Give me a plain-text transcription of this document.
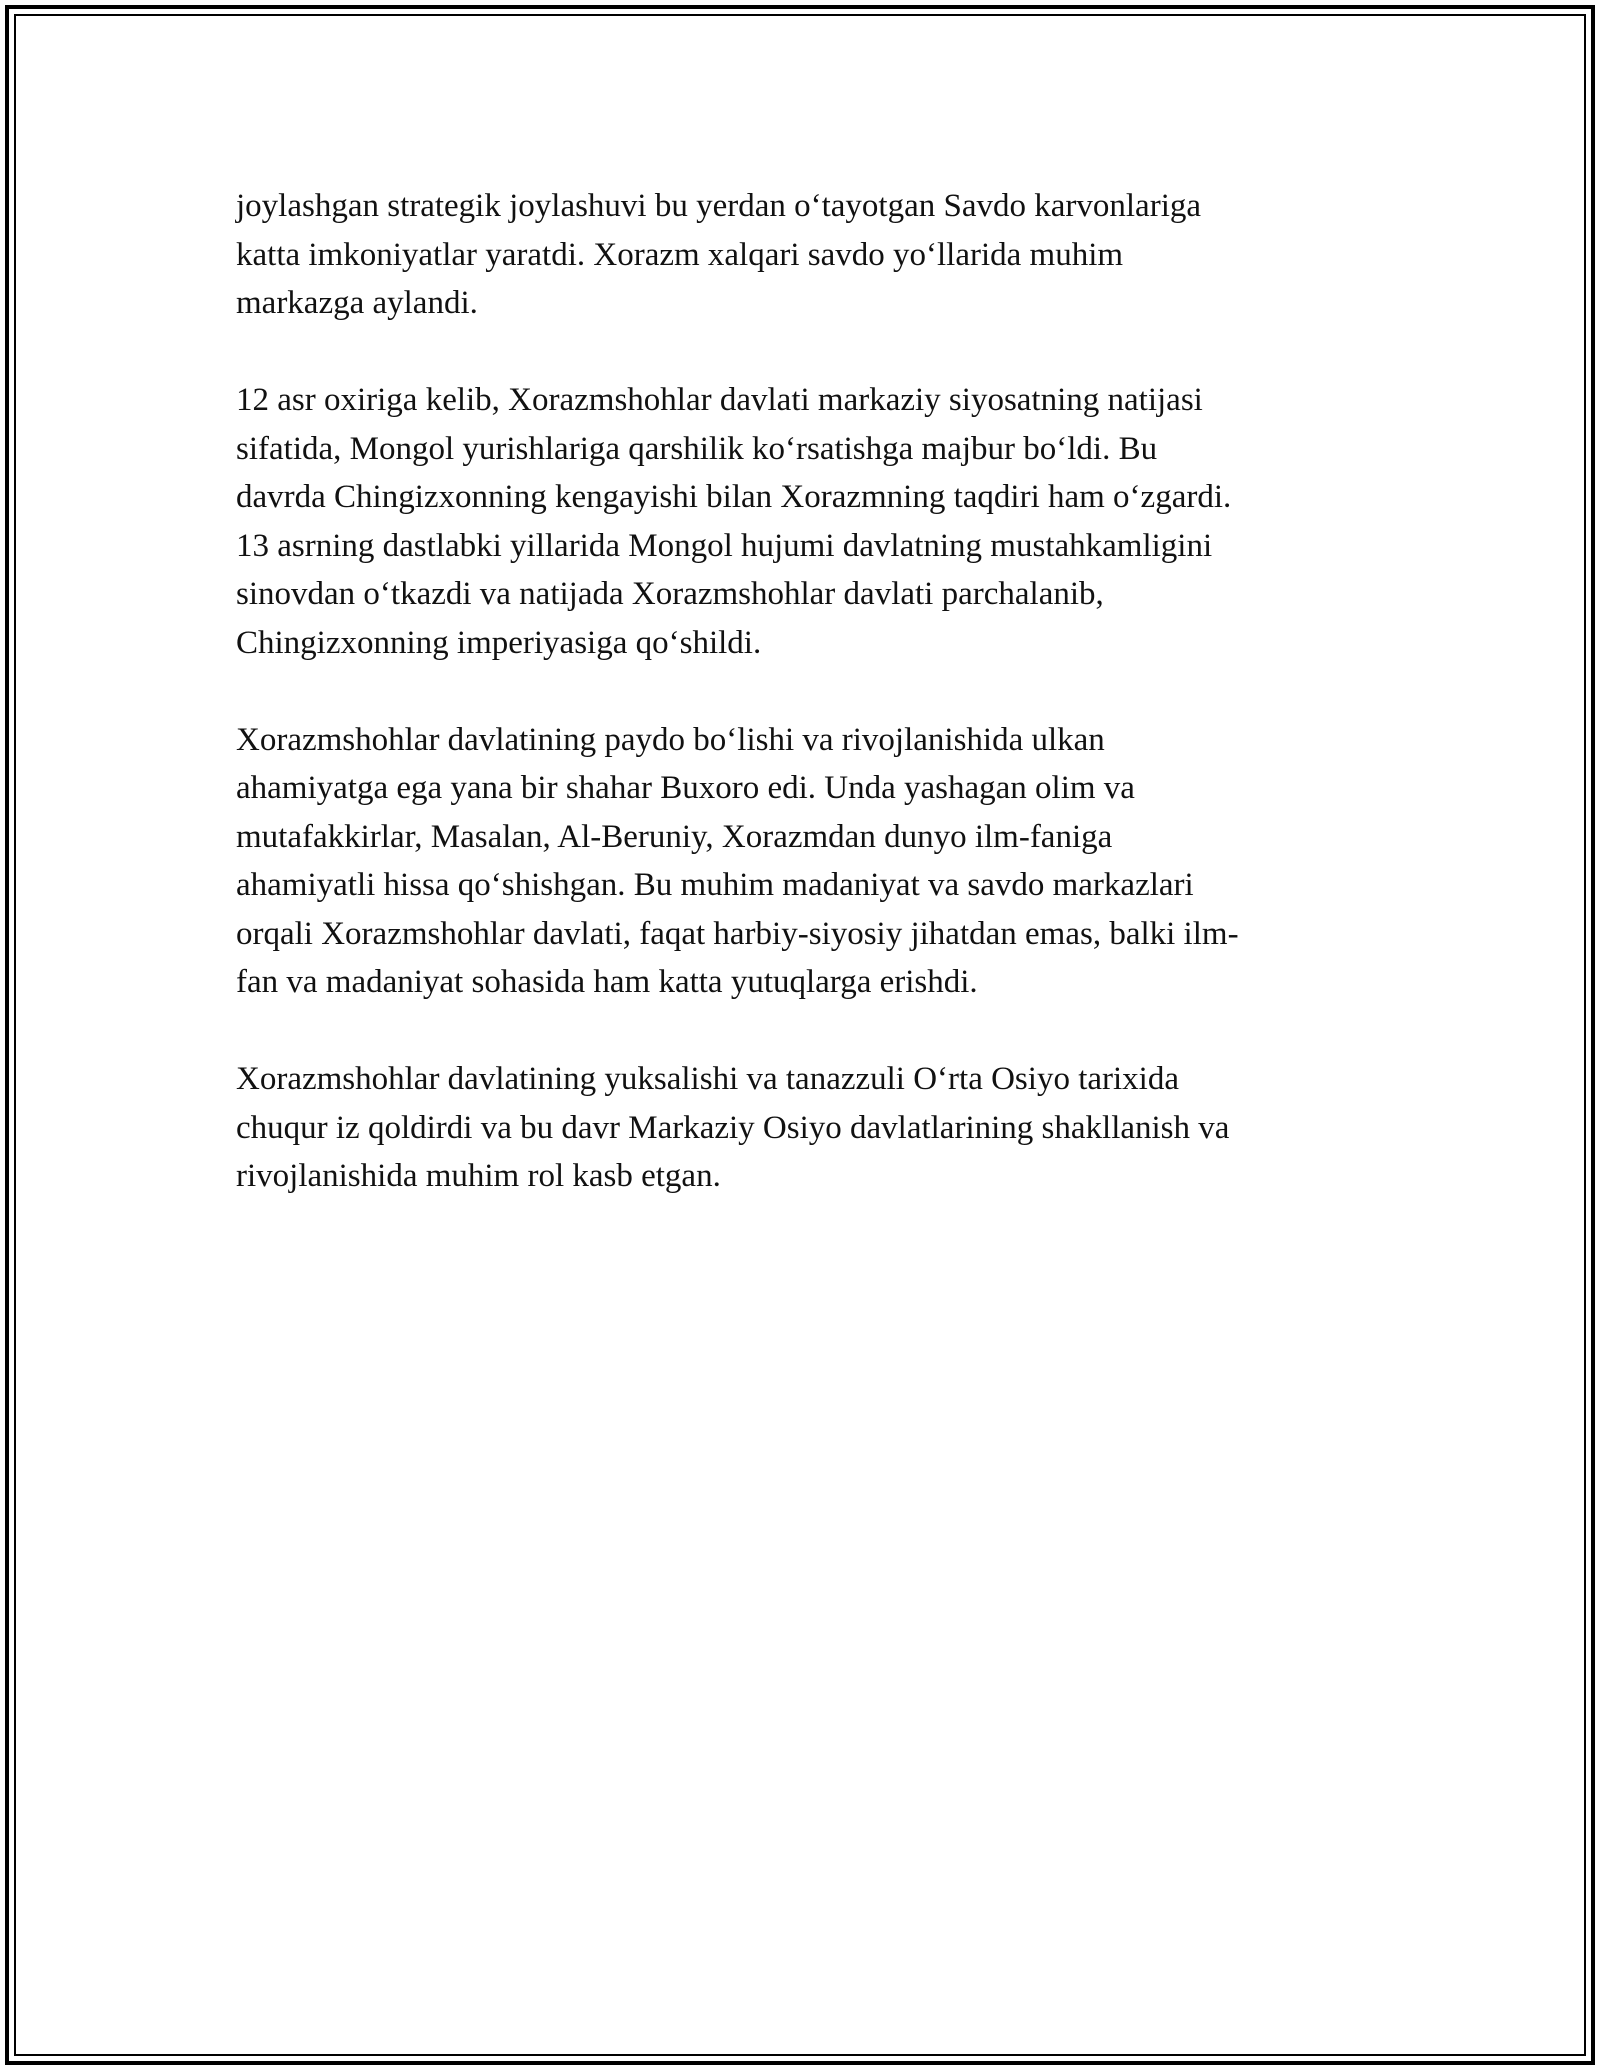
joylashgan strategik joylashuvi bu yerdan o‘tayotgan Savdo karvonlariga
katta imkoniyatlar yaratdi. Xorazm xalqari savdo yo‘llarida muhim
markazga aylandi.

12 asr oxiriga kelib, Xorazmshohlar davlati markaziy siyosatning natijasi
sifatida, Mongol yurishlariga qarshilik ko‘rsatishga majbur bo‘ldi. Bu
davrda Chingizxonning kengayishi bilan Xorazmning taqdiri ham o‘zgardi.
13 asrning dastlabki yillarida Mongol hujumi davlatning mustahkamligini
sinovdan o‘tkazdi va natijada Xorazmshohlar davlati parchalanib,
Chingizxonning imperiyasiga qo‘shildi.

Xorazmshohlar davlatining paydo bo‘lishi va rivojlanishida ulkan
ahamiyatga ega yana bir shahar Buxoro edi. Unda yashagan olim va
mutafakkirlar, Masalan, Al-Beruniy, Xorazmdan dunyo ilm-faniga
ahamiyatli hissa qo‘shishgan. Bu muhim madaniyat va savdo markazlari
orqali Xorazmshohlar davlati, faqat harbiy-siyosiy jihatdan emas, balki ilm-
fan va madaniyat sohasida ham katta yutuqlarga erishdi.

Xorazmshohlar davlatining yuksalishi va tanazzuli O‘rta Osiyo tarixida
chuqur iz qoldirdi va bu davr Markaziy Osiyo davlatlarining shakllanish va
rivojlanishida muhim rol kasb etgan.
